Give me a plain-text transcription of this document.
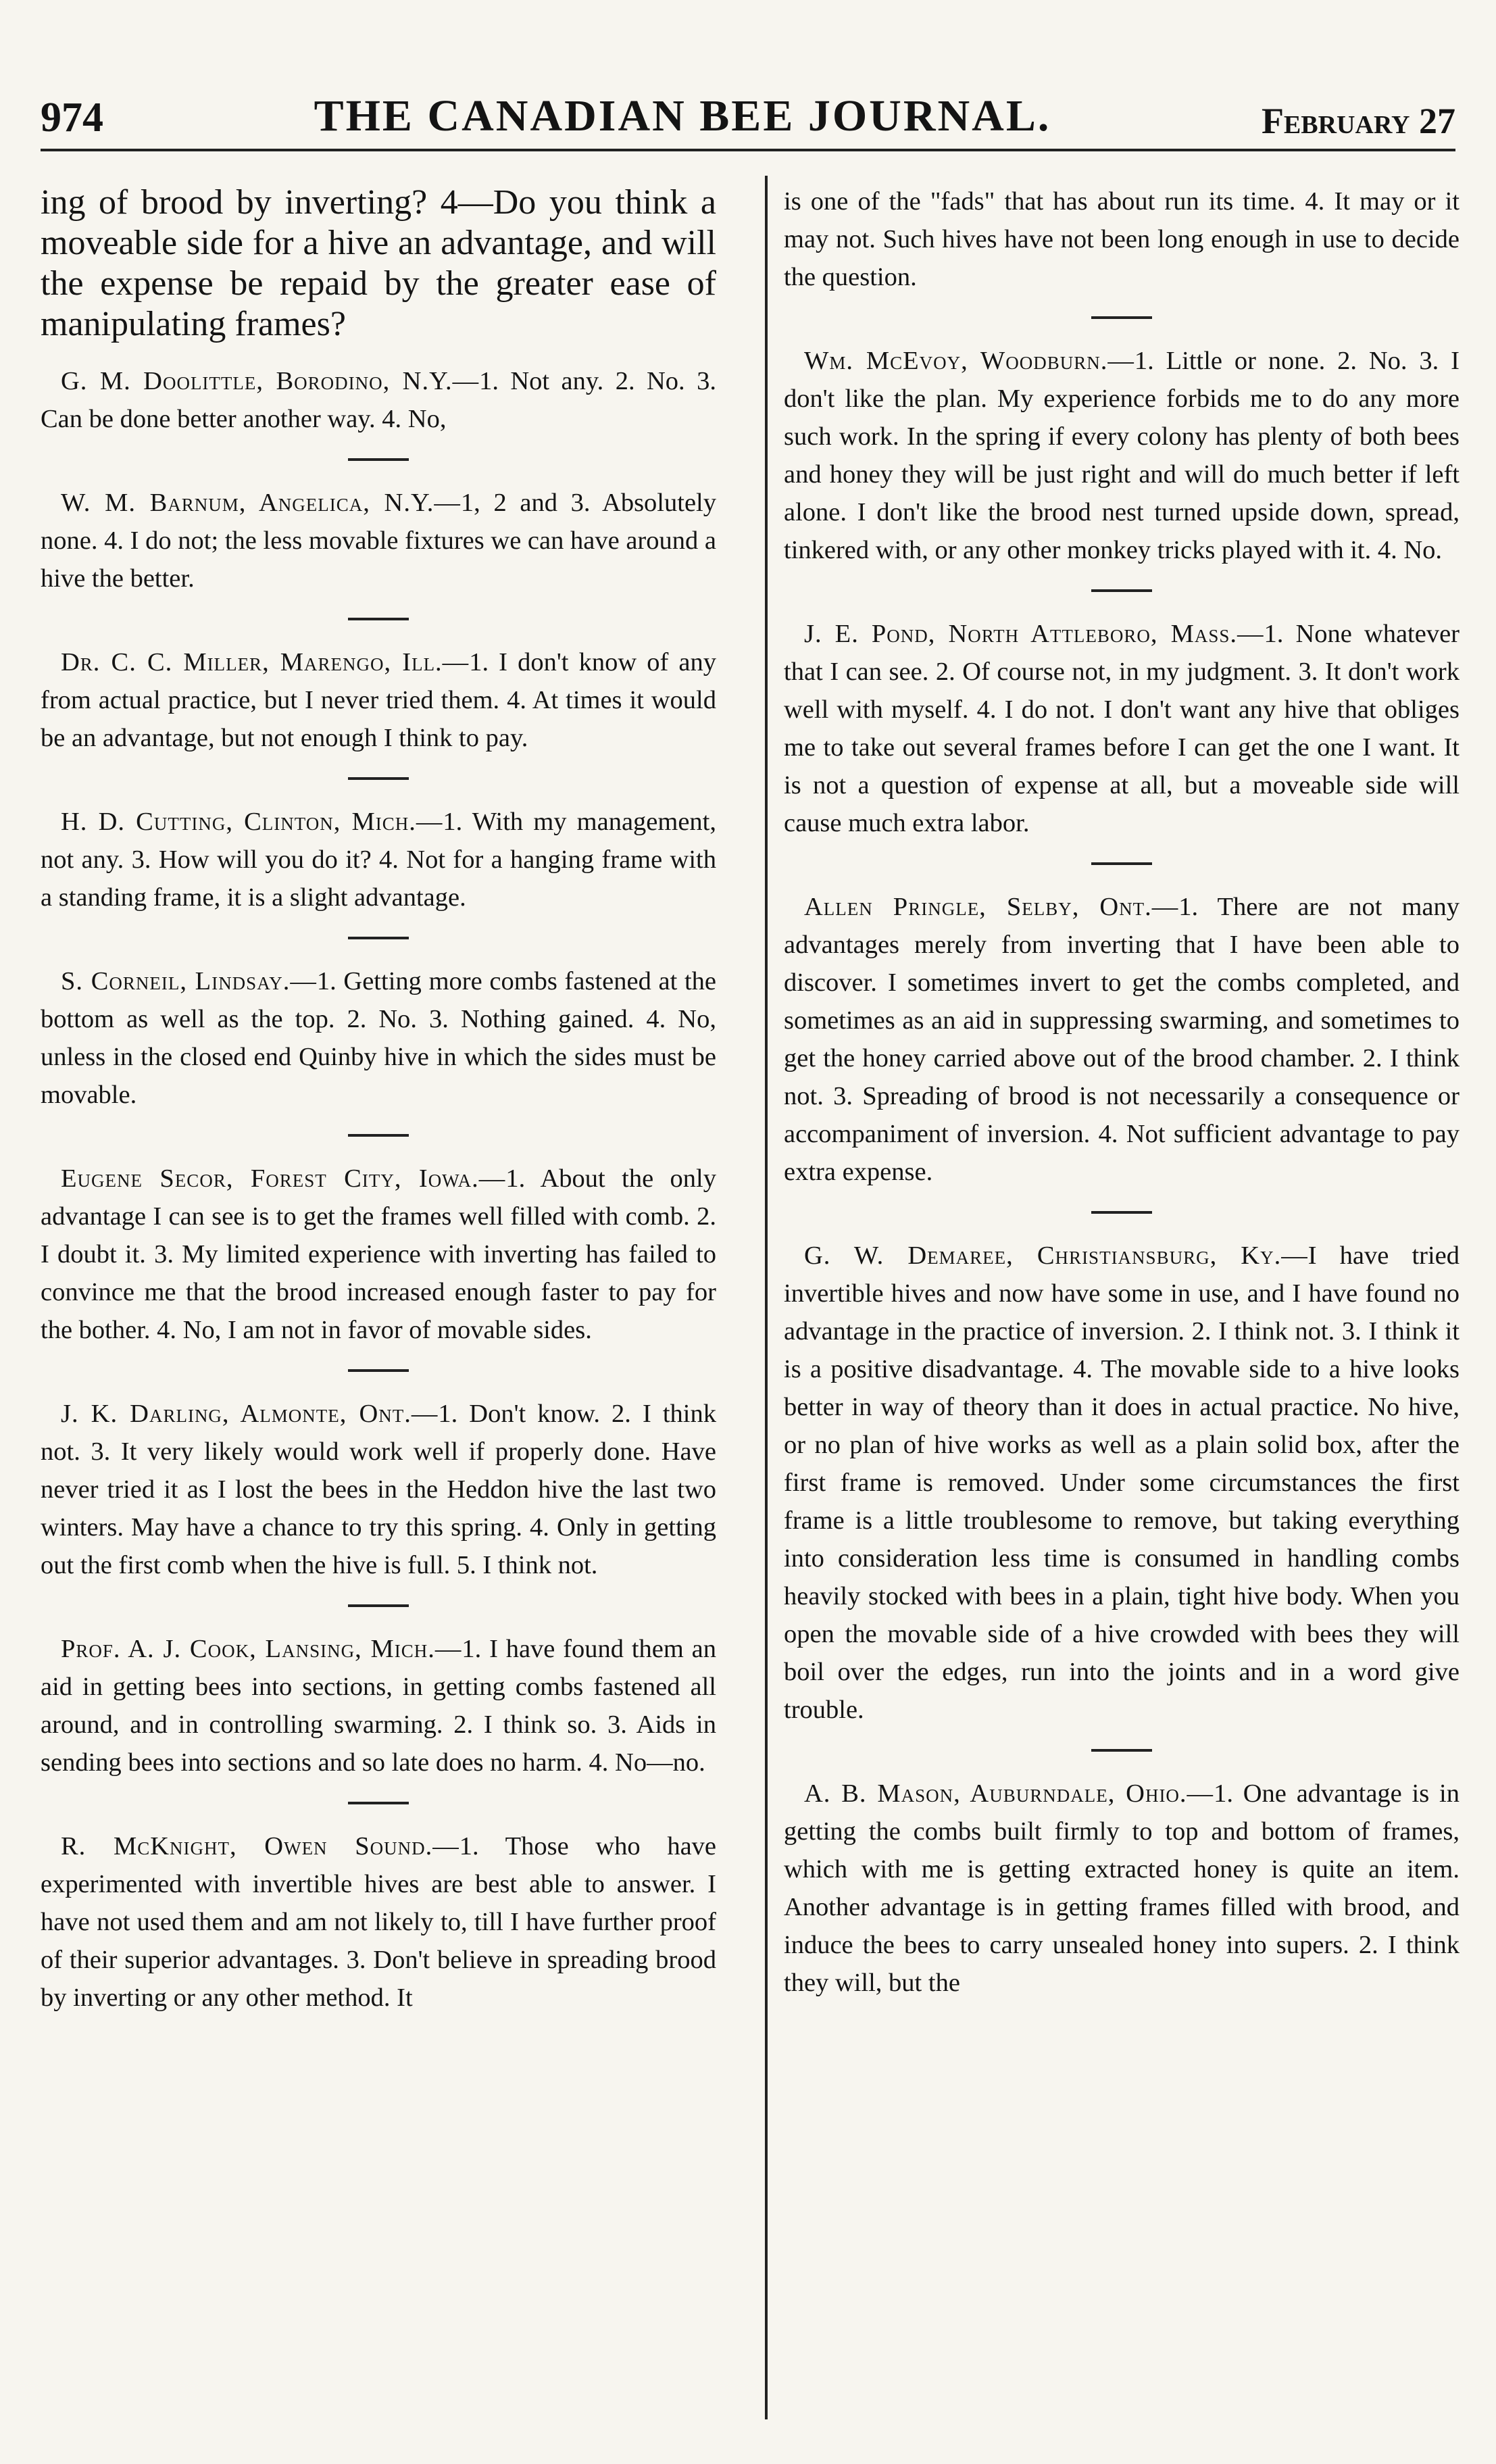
974	THE CANADIAN BEE JOURNAL.	February 27

ing of brood by inverting? 4—Do you think a moveable side for a hive an advantage, and will the expense be repaid by the greater ease of manipulating frames?

G. M. Doolittle, Borodino, N.Y.—1. Not any. 2. No. 3. Can be done better another way. 4. No,

W. M. Barnum, Angelica, N.Y.—1, 2 and 3. Absolutely none. 4. I do not; the less movable fixtures we can have around a hive the better.

Dr. C. C. Miller, Marengo, Ill.—1. I don't know of any from actual practice, but I never tried them. 4. At times it would be an advantage, but not enough I think to pay.

H. D. Cutting, Clinton, Mich.—1. With my management, not any. 3. How will you do it? 4. Not for a hanging frame with a standing frame, it is a slight advantage.

S. Corneil, Lindsay.—1. Getting more combs fastened at the bottom as well as the top. 2. No. 3. Nothing gained. 4. No, unless in the closed end Quinby hive in which the sides must be movable.

Eugene Secor, Forest City, Iowa.—1. About the only advantage I can see is to get the frames well filled with comb. 2. I doubt it. 3. My limited experience with inverting has failed to convince me that the brood increased enough faster to pay for the bother. 4. No, I am not in favor of movable sides.

J. K. Darling, Almonte, Ont.—1. Don't know. 2. I think not. 3. It very likely would work well if properly done. Have never tried it as I lost the bees in the Heddon hive the last two winters. May have a chance to try this spring. 4. Only in getting out the first comb when the hive is full. 5. I think not.

Prof. A. J. Cook, Lansing, Mich.—1. I have found them an aid in getting bees into sections, in getting combs fastened all around, and in controlling swarming. 2. I think so. 3. Aids in sending bees into sections and so late does no harm. 4. No—no.

R. McKnight, Owen Sound.—1. Those who have experimented with invertible hives are best able to answer. I have not used them and am not likely to, till I have further proof of their superior advantages. 3. Don't believe in spreading brood by inverting or any other method. It

is one of the "fads" that has about run its time. 4. It may or it may not. Such hives have not been long enough in use to decide the question.

Wm. McEvoy, Woodburn.—1. Little or none. 2. No. 3. I don't like the plan. My experience forbids me to do any more such work. In the spring if every colony has plenty of both bees and honey they will be just right and will do much better if left alone. I don't like the brood nest turned upside down, spread, tinkered with, or any other monkey tricks played with it. 4. No.

J. E. Pond, North Attleboro, Mass.—1. None whatever that I can see. 2. Of course not, in my judgment. 3. It don't work well with myself. 4. I do not. I don't want any hive that obliges me to take out several frames before I can get the one I want. It is not a question of expense at all, but a moveable side will cause much extra labor.

Allen Pringle, Selby, Ont.—1. There are not many advantages merely from inverting that I have been able to discover. I sometimes invert to get the combs completed, and sometimes as an aid in suppressing swarming, and sometimes to get the honey carried above out of the brood chamber. 2. I think not. 3. Spreading of brood is not necessarily a consequence or accompaniment of inversion. 4. Not sufficient advantage to pay extra expense.

G. W. Demaree, Christiansburg, Ky.—I have tried invertible hives and now have some in use, and I have found no advantage in the practice of inversion. 2. I think not. 3. I think it is a positive disadvantage. 4. The movable side to a hive looks better in way of theory than it does in actual practice. No hive, or no plan of hive works as well as a plain solid box, after the first frame is removed. Under some circumstances the first frame is a little troublesome to remove, but taking everything into consideration less time is consumed in handling combs heavily stocked with bees in a plain, tight hive body. When you open the movable side of a hive crowded with bees they will boil over the edges, run into the joints and in a word give trouble.

A. B. Mason, Auburndale, Ohio.—1. One advantage is in getting the combs built firmly to top and bottom of frames, which with me is getting extracted honey is quite an item. Another advantage is in getting frames filled with brood, and induce the bees to carry unsealed honey into supers. 2. I think they will, but the
